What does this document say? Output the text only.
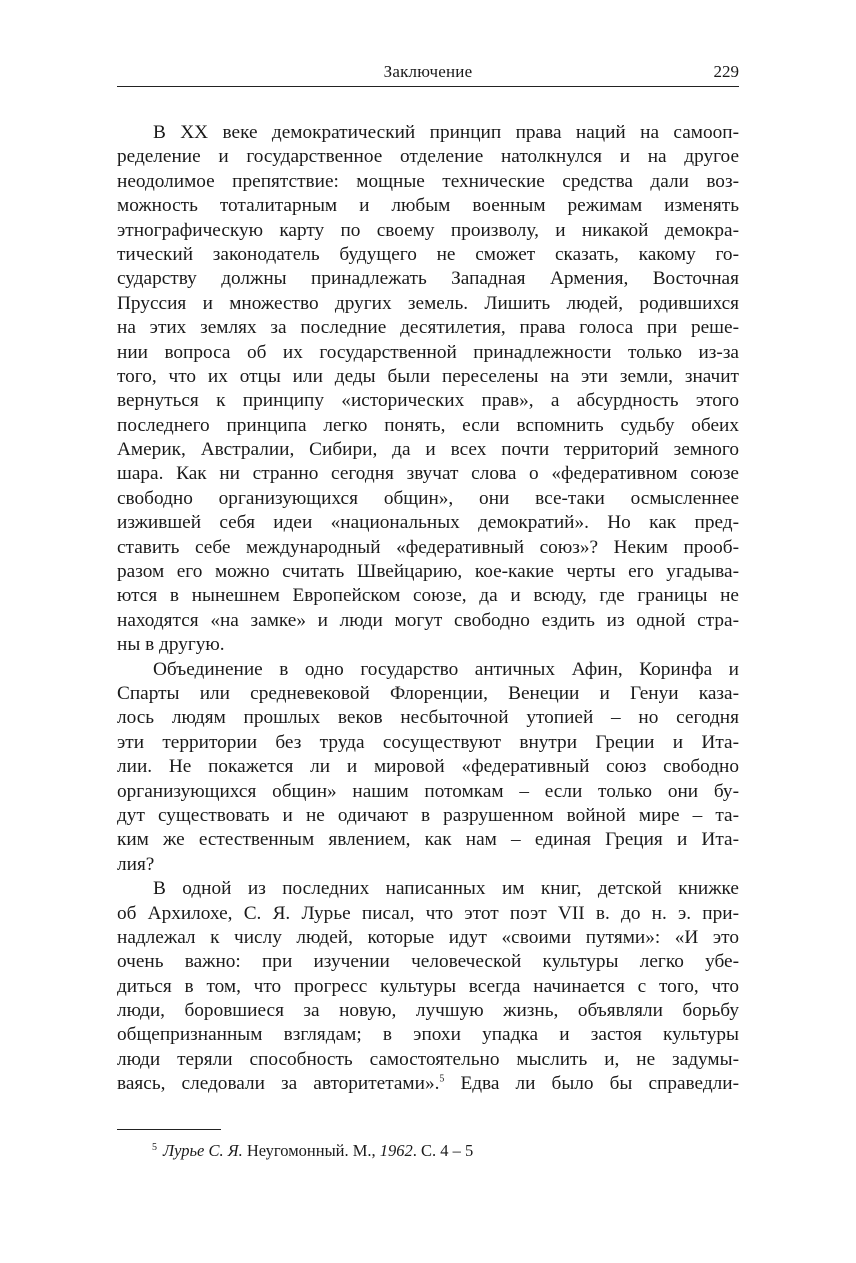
Заключение	229
В XX веке демократический принцип права наций на самооп-
ределение и государственное отделение натолкнулся и на другое
неодолимое препятствие: мощные технические средства дали воз-
можность тоталитарным и любым военным режимам изменять
этнографическую карту по своему произволу, и никакой демокра-
тический законодатель будущего не сможет сказать, какому го-
сударству должны принадлежать Западная Армения, Восточная
Пруссия и множество других земель. Лишить людей, родившихся
на этих землях за последние десятилетия, права голоса при реше-
нии вопроса об их государственной принадлежности только из-за
того, что их отцы или деды были переселены на эти земли, значит
вернуться к принципу «исторических прав», а абсурдность этого
последнего принципа легко понять, если вспомнить судьбу обеих
Америк, Австралии, Сибири, да и всех почти территорий земного
шара. Как ни странно сегодня звучат слова о «федеративном союзе
свободно организующихся общин», они все-таки осмысленнее
изжившей себя идеи «национальных демократий». Но как пред-
ставить себе международный «федеративный союз»? Неким прооб-
разом его можно считать Швейцарию, кое-какие черты его угадыва-
ются в нынешнем Европейском союзе, да и всюду, где границы не
находятся «на замке» и люди могут свободно ездить из одной стра-
ны в другую.
Объединение в одно государство античных Афин, Коринфа и
Спарты или средневековой Флоренции, Венеции и Генуи каза-
лось людям прошлых веков несбыточной утопией – но сегодня
эти территории без труда сосуществуют внутри Греции и Ита-
лии. Не покажется ли и мировой «федеративный союз свободно
организующихся общин» нашим потомкам – если только они бу-
дут существовать и не одичают в разрушенном войной мире – та-
ким же естественным явлением, как нам – единая Греция и Ита-
лия?
В одной из последних написанных им книг, детской книжке
об Архилохе, С. Я. Лурье писал, что этот поэт VII в. до н. э. при-
надлежал к числу людей, которые идут «своими путями»: «И это
очень важно: при изучении человеческой культуры легко убе-
диться в том, что прогресс культуры всегда начинается с того, что
люди, боровшиеся за новую, лучшую жизнь, объявляли борьбу
общепризнанным взглядам; в эпохи упадка и застоя культуры
люди теряли способность самостоятельно мыслить и, не задумы-
ваясь, следовали за авторитетами».$^5$ Едва ли было бы справедли-
$^5$ Лурье С. Я. Неугомонный. М., 1962. С. 4 – 5
